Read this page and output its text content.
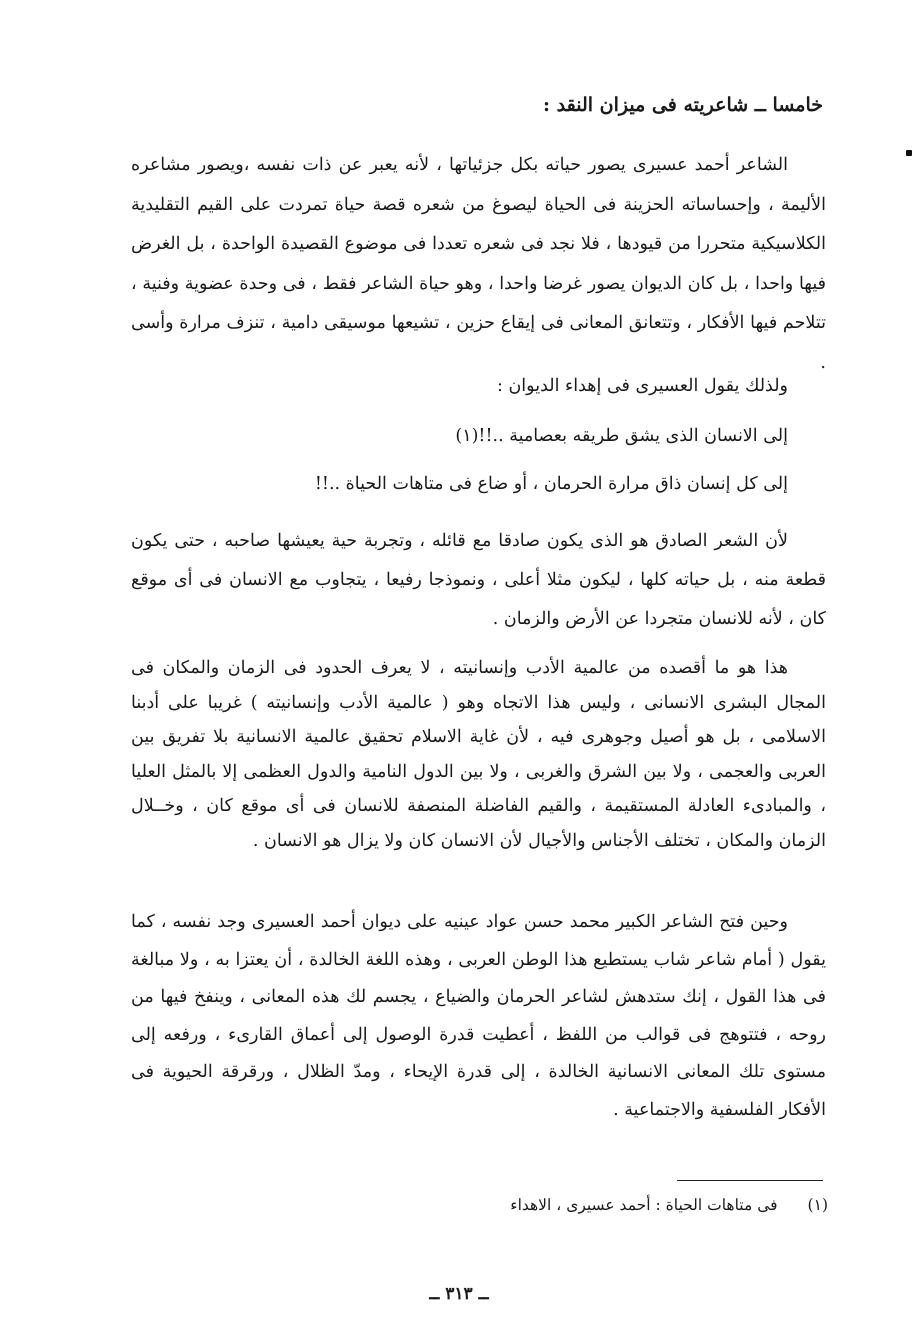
خامسا ــ شاعريته فى ميزان النقد :

الشاعر أحمد عسيرى يصور حياته بكل جزئياتها ، لأنه يعبر عن ذات نفسه ،ويصور مشاعره الأليمة ، وإحساساته الحزينة فى الحياة ليصوغ من شعره قصة حياة تمردت على القيم التقليدية الكلاسيكية متحررا من قيودها ، فلا نجد فى شعره تعددا فى موضوع القصيدة الواحدة ، بل الغرض فيها واحدا ، بل كان الديوان يصور غرضا واحدا ، وهو حياة الشاعر فقط ، فى وحدة عضوية وفنية ، تتلاحم فيها الأفكار ، وتتعانق المعانى فى إيقاع حزين ، تشيعها موسيقى دامية ، تنزف مرارة وأسى .

ولذلك يقول العسيرى فى إهداء الديوان :
إلى الانسان الذى يشق طريقه بعصامية ..!!(١)
إلى كل إنسان ذاق مرارة الحرمان ، أو ضاع فى متاهات الحياة ..!!

لأن الشعر الصادق هو الذى يكون صادقا مع قائله ، وتجربة حية يعيشها صاحبه ، حتى يكون قطعة منه ، بل حياته كلها ، ليكون مثلا أعلى ، ونموذجا رفيعا ، يتجاوب مع الانسان فى أى موقع كان ، لأنه للانسان متجردا عن الأرض والزمان .

هذا هو ما أقصده من عالمية الأدب وإنسانيته ، لا يعرف الحدود فى الزمان والمكان فى المجال البشرى الانسانى ، وليس هذا الاتجاه وهو ( عالمية الأدب وإنسانيته ) غريبا على أدبنا الاسلامى ، بل هو أصيل وجوهرى فيه ، لأن غاية الاسلام تحقيق عالمية الانسانية بلا تفريق بين العربى والعجمى ، ولا بين الشرق والغربى ، ولا بين الدول النامية والدول العظمى إلا بالمثل العليا ، والمبادىء العادلة المستقيمة ، والقيم الفاضلة المنصفة للانسان فى أى موقع كان ، وخــلال الزمان والمكان ، تختلف الأجناس والأجيال لأن الانسان كان ولا يزال هو الانسان .

وحين فتح الشاعر الكبير محمد حسن عواد عينيه على ديوان أحمد العسيرى وجد نفسه ، كما يقول ( أمام شاعر شاب يستطيع هذا الوطن العربى ، وهذه اللغة الخالدة ، أن يعتزا به ، ولا مبالغة فى هذا القول ، إنك ستدهش لشاعر الحرمان والضياع ، يجسم لك هذه المعانى ، وينفخ فيها من روحه ، فتتوهج فى قوالب من اللفظ ، أعطيت قدرة الوصول إلى أعماق القارىء ، ورفعه إلى مستوى تلك المعانى الانسانية الخالدة ، إلى قدرة الإيحاء ، ومدّ الظلال ، ورقرقة الحيوية فى الأفكار الفلسفية والاجتماعية .

(١)فى متاهات الحياة : أحمد عسيرى ، الاهداء
ــ ٣١٣ ــ
